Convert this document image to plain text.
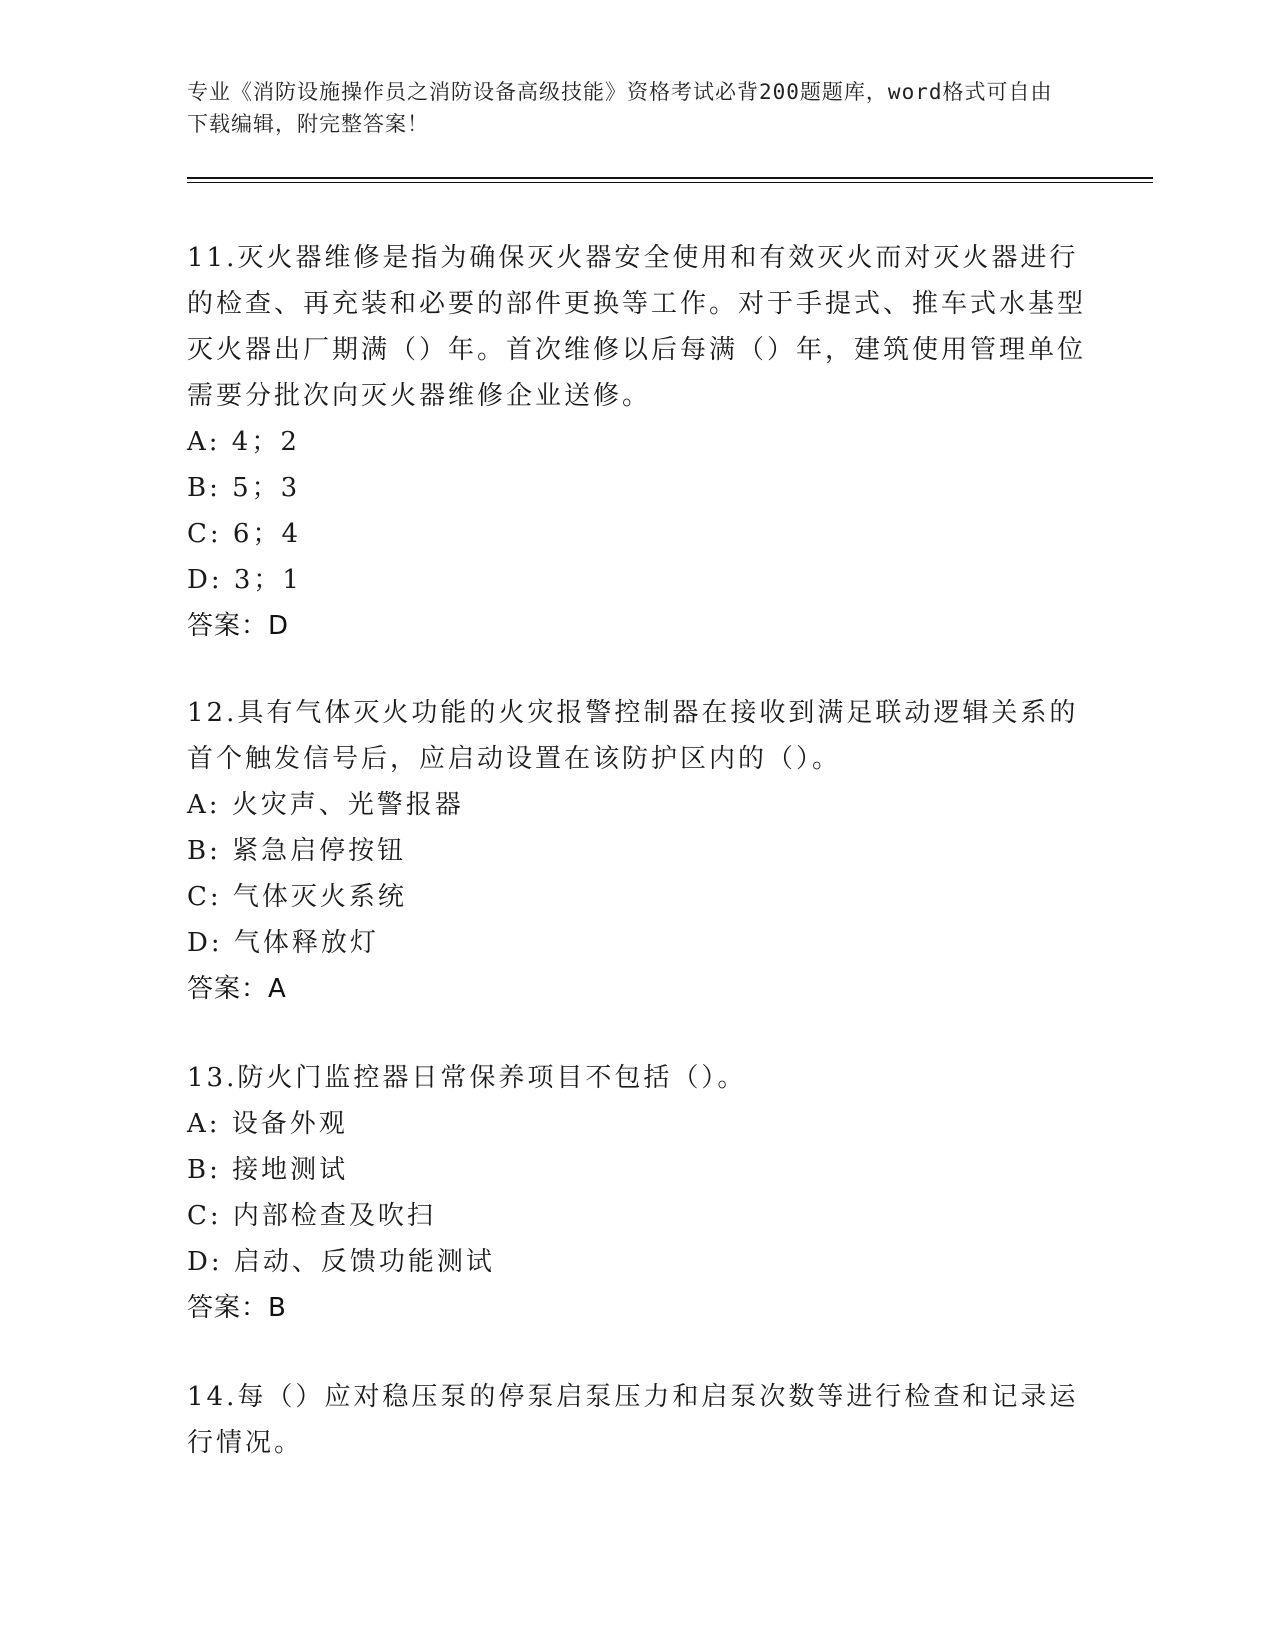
专业《消防设施操作员之消防设备高级技能》资格考试必背200题题库，word格式可自由下载编辑，附完整答案！

11.灭火器维修是指为确保灭火器安全使用和有效灭火而对灭火器进行的检查、再充装和必要的部件更换等工作。对于手提式、推车式水基型灭火器出厂期满（）年。首次维修以后每满（）年，建筑使用管理单位需要分批次向灭火器维修企业送修。

A: 4；2

B: 5；3

C: 6；4

D: 3；1

答案：D

12.具有气体灭火功能的火灾报警控制器在接收到满足联动逻辑关系的首个触发信号后，应启动设置在该防护区内的（）。

A: 火灾声、光警报器

B: 紧急启停按钮

C: 气体灭火系统

D: 气体释放灯

答案：A

13.防火门监控器日常保养项目不包括（）。

A: 设备外观

B: 接地测试

C: 内部检查及吹扫

D: 启动、反馈功能测试

答案：B

14.每（）应对稳压泵的停泵启泵压力和启泵次数等进行检查和记录运行情况。
